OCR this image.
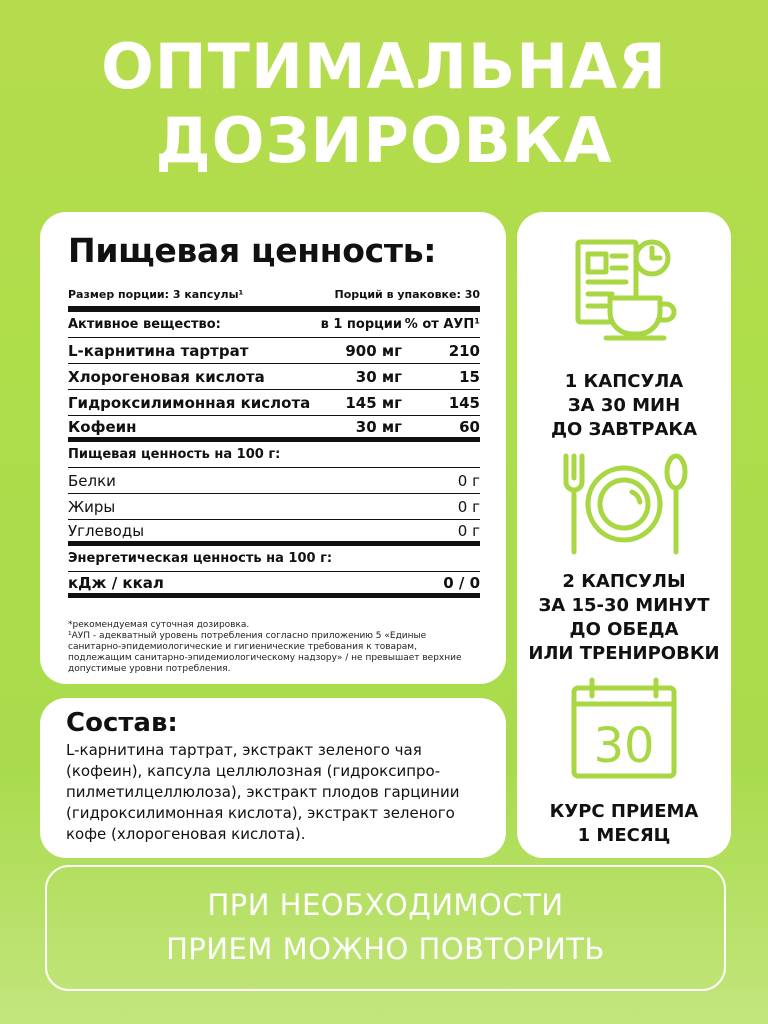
ОПТИМАЛЬНАЯ
ДОЗИРОВКА
Пищевая ценность:
Размер порции: 3 капсулы¹	Порций в упаковке: 30
Активное вещество:	в 1 порции % от АУП¹
L-карнитина тартрат	900 мг	210
Хлорогеновая кислота	30 мг	15
Гидроксилимонная кислота	145 мг	145
Кофеин	30 мг	60
Пищевая ценность на 100 г:
Белки	0 г
Жиры	0 г
Углеводы	0 г
Энергетическая ценность на 100 г:
кДж / ккал	0 / 0
*рекомендуемая суточная дозировка.
¹АУП - адекватный уровень потребления согласно приложению 5 «Единые санитарно-эпидемиологические и гигиенические требования к товарам, подлежащим санитарно-эпидемиологическому надзору» / не превышает верхние допустимые уровни потребления.
Состав:
L-карнитина тартрат, экстракт зеленого чая (кофеин), капсула целлюлозная (гидроксипро-пилметилцеллюлоза), экстракт плодов гарцинии (гидроксилимонная кислота), экстракт зеленого кофе (хлорогеновая кислота).
1 КАПСУЛА
ЗА 30 МИН
ДО ЗАВТРАКА
2 КАПСУЛЫ
ЗА 15-30 МИНУТ
ДО ОБЕДА
ИЛИ ТРЕНИРОВКИ
30
КУРС ПРИЕМА
1 МЕСЯЦ
ПРИ НЕОБХОДИМОСТИ
ПРИЕМ МОЖНО ПОВТОРИТЬ
